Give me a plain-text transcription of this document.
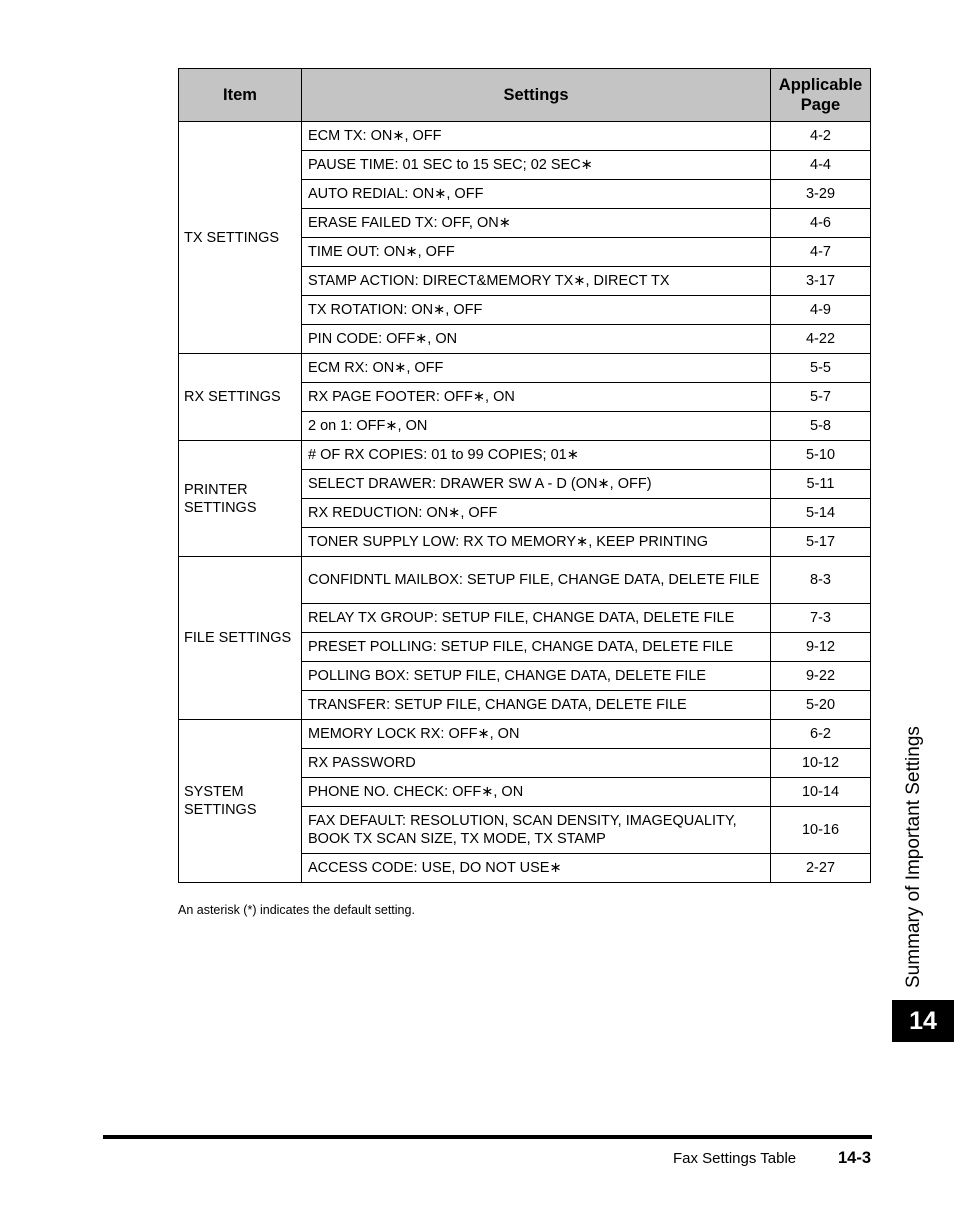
Item	Settings	Applicable Page
TX SETTINGS	ECM TX: ON∗, OFF	4-2
	PAUSE TIME: 01 SEC to 15 SEC; 02 SEC∗	4-4
	AUTO REDIAL: ON∗, OFF	3-29
	ERASE FAILED TX: OFF, ON∗	4-6
	TIME OUT: ON∗, OFF	4-7
	STAMP ACTION: DIRECT&MEMORY TX∗, DIRECT TX	3-17
	TX ROTATION: ON∗, OFF	4-9
	PIN CODE: OFF∗, ON	4-22
RX SETTINGS	ECM RX: ON∗, OFF	5-5
	RX PAGE FOOTER: OFF∗, ON	5-7
	2 on 1: OFF∗, ON	5-8
PRINTER SETTINGS	# OF RX COPIES: 01 to 99 COPIES; 01∗	5-10
	SELECT DRAWER: DRAWER SW A - D (ON∗, OFF)	5-11
	RX REDUCTION: ON∗, OFF	5-14
	TONER SUPPLY LOW: RX TO MEMORY∗, KEEP PRINTING	5-17
FILE SETTINGS	CONFIDNTL MAILBOX: SETUP FILE, CHANGE DATA, DELETE FILE	8-3
	RELAY TX GROUP: SETUP FILE, CHANGE DATA, DELETE FILE	7-3
	PRESET POLLING: SETUP FILE, CHANGE DATA, DELETE FILE	9-12
	POLLING BOX: SETUP FILE, CHANGE DATA, DELETE FILE	9-22
	TRANSFER: SETUP FILE, CHANGE DATA, DELETE FILE	5-20
SYSTEM SETTINGS	MEMORY LOCK RX: OFF∗, ON	6-2
	RX PASSWORD	10-12
	PHONE NO. CHECK: OFF∗, ON	10-14
	FAX DEFAULT: RESOLUTION, SCAN DENSITY, IMAGEQUALITY, BOOK TX SCAN SIZE, TX MODE, TX STAMP	10-16
	ACCESS CODE: USE, DO NOT USE∗	2-27
An asterisk (*) indicates the default setting.	Summary of Important Settings
14
Fax Settings Table	14-3
